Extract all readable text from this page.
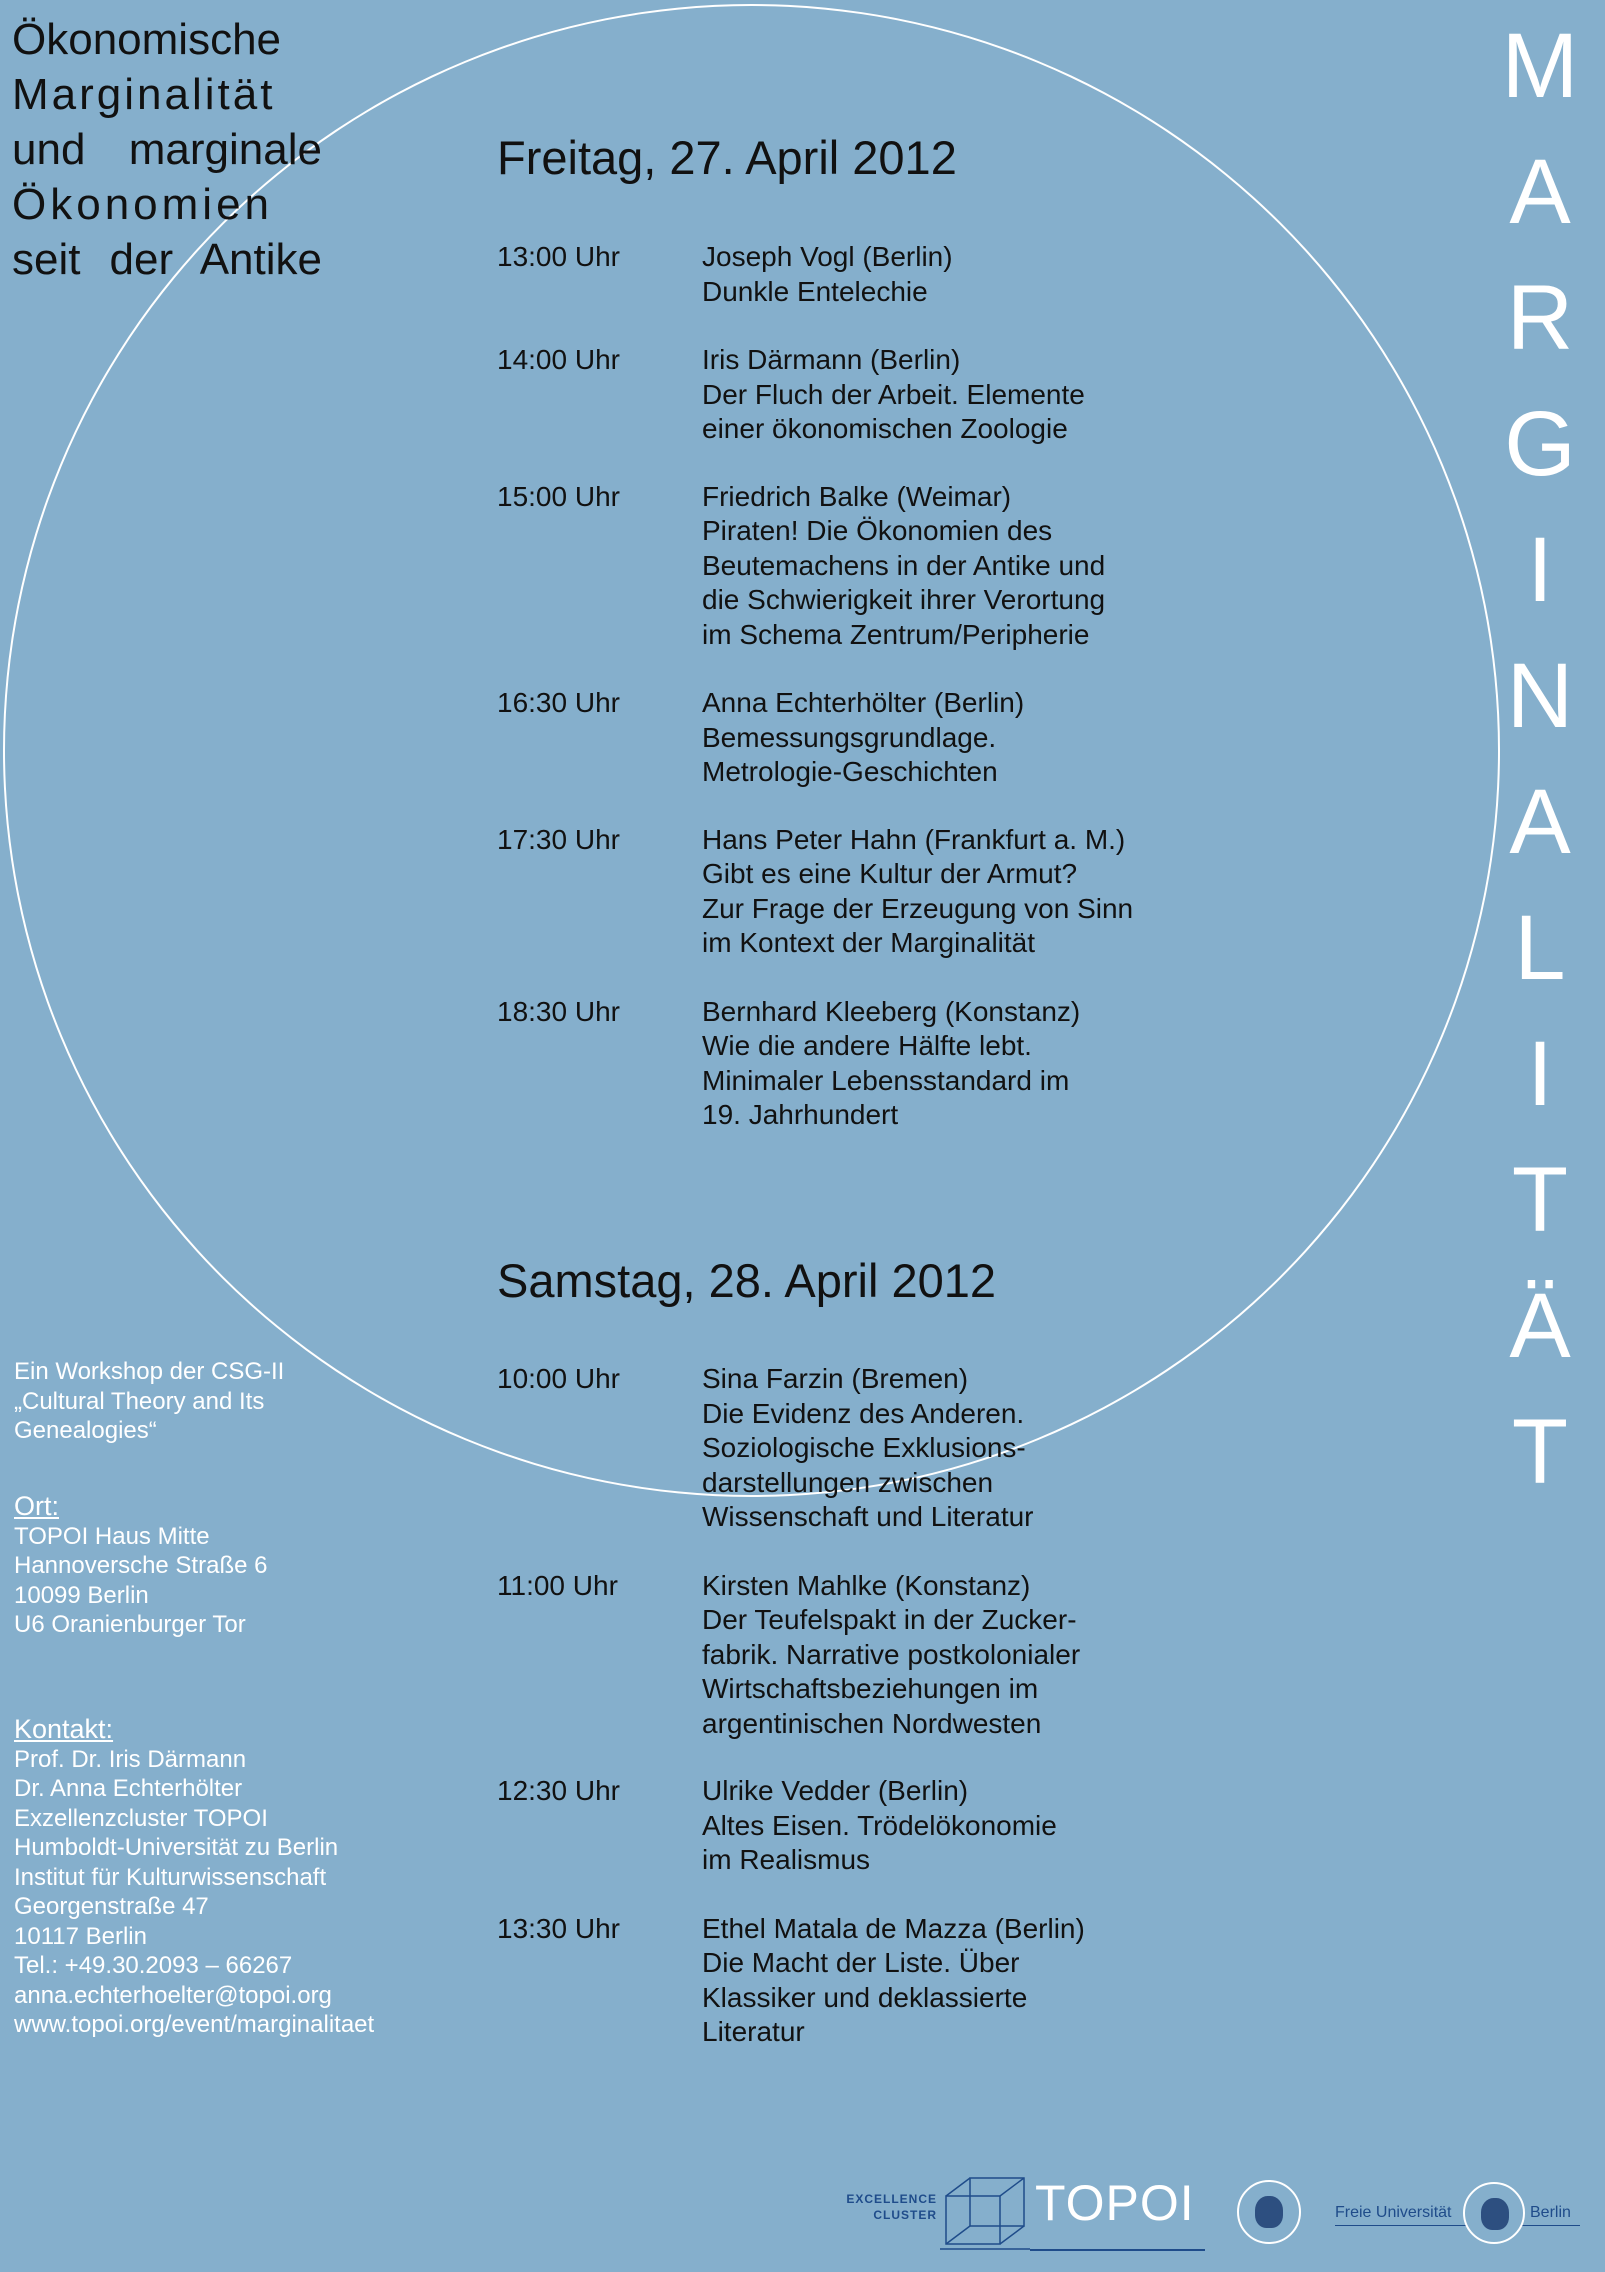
Ökonomische
Marginalität
und marginale
Ökonomien
seit der Antike
M
A
R
G
I
N
A
L
I
T
Ä
T
Freitag, 27. April 2012
13:00 Uhr	Joseph Vogl (Berlin)
Dunkle Entelechie
14:00 Uhr	Iris Därmann (Berlin)
Der Fluch der Arbeit. Elemente
einer ökonomischen Zoologie
15:00 Uhr	Friedrich Balke (Weimar)
Piraten! Die Ökonomien des
Beutemachens in der Antike und
die Schwierigkeit ihrer Verortung
im Schema Zentrum/Peripherie
16:30 Uhr	Anna Echterhölter (Berlin)
Bemessungsgrundlage.
Metrologie-Geschichten
17:30 Uhr	Hans Peter Hahn (Frankfurt a. M.)
Gibt es eine Kultur der Armut?
Zur Frage der Erzeugung von Sinn
im Kontext der Marginalität
18:30 Uhr	Bernhard Kleeberg (Konstanz)
Wie die andere Hälfte lebt.
Minimaler Lebensstandard im
19. Jahrhundert
Samstag, 28. April 2012
10:00 Uhr	Sina Farzin (Bremen)
Die Evidenz des Anderen.
Soziologische Exklusions-
darstellungen zwischen
Wissenschaft und Literatur
11:00 Uhr	Kirsten Mahlke (Konstanz)
Der Teufelspakt in der Zucker-
fabrik. Narrative postkolonialer
Wirtschaftsbeziehungen im
argentinischen Nordwesten
12:30 Uhr	Ulrike Vedder (Berlin)
Altes Eisen. Trödelökonomie
im Realismus
13:30 Uhr	Ethel Matala de Mazza (Berlin)
Die Macht der Liste. Über
Klassiker und deklassierte
Literatur
Ein Workshop der CSG-II
„Cultural Theory and Its
Genealogies“
Ort:
TOPOI Haus Mitte
Hannoversche Straße 6
10099 Berlin
U6 Oranienburger Tor
Kontakt:
Prof. Dr. Iris Därmann
Dr. Anna Echterhölter
Exzellenzcluster TOPOI
Humboldt-Universität zu Berlin
Institut für Kulturwissenschaft
Georgenstraße 47
10117 Berlin
Tel.: +49.30.2093 – 66267
anna.echterhoelter@topoi.org
www.topoi.org/event/marginalitaet
EXCELLENCE
CLUSTER TOPOI	Freie Universität	Berlin
